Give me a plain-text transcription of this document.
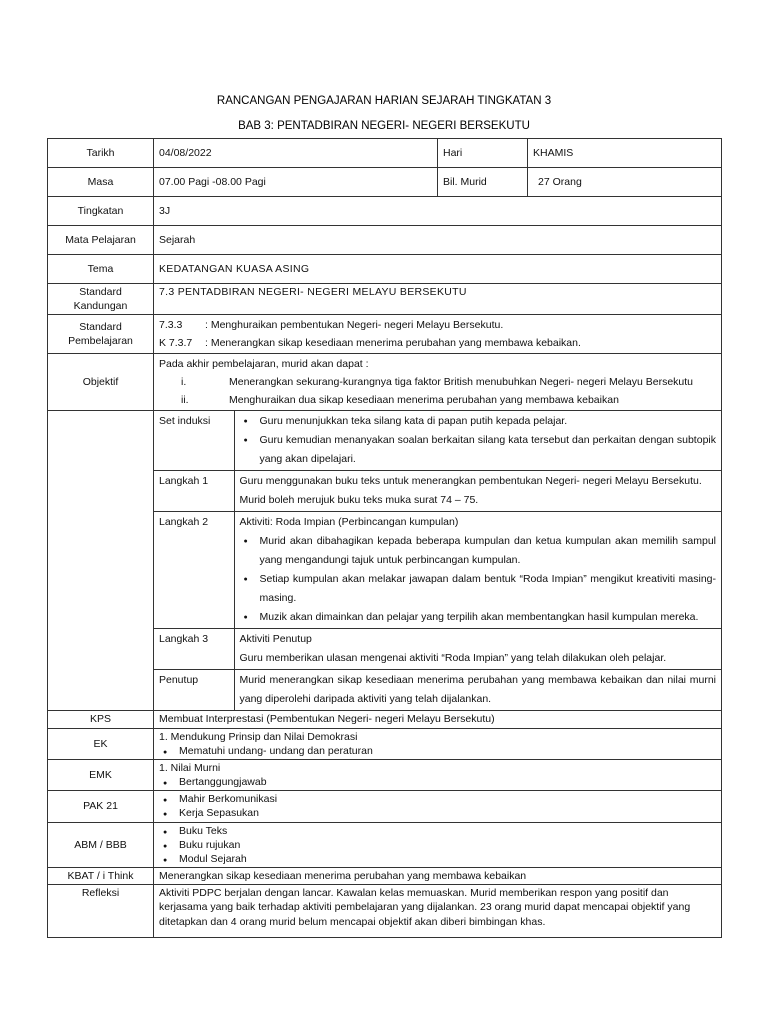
RANCANGAN PENGAJARAN HARIAN SEJARAH TINGKATAN 3
BAB 3: PENTADBIRAN NEGERI- NEGERI BERSEKUTU
Tarikh	04/08/2022	Hari	KHAMIS
Masa	07.00 Pagi -08.00 Pagi	Bil. Murid	27 Orang
Tingkatan	3J
Mata Pelajaran	Sejarah
Tema	KEDATANGAN KUASA ASING
Standard Kandungan	7.3 PENTADBIRAN NEGERI- NEGERI MELAYU BERSEKUTU
Standard Pembelajaran	
7.3.3 : Menghuraikan pembentukan Negeri- negeri Melayu Bersekutu.
K 7.3.7 : Menerangkan sikap kesediaan menerima perubahan yang membawa kebaikan.

Objektif	
Pada akhir pembelajaran, murid akan dapat :
i.	Menerangkan sekurang-kurangnya tiga faktor British menubuhkan Negeri- negeri Melayu Bersekutu
ii.	Menghuraikan dua sikap kesediaan menerima perubahan yang membawa kebaikan

Set induksi	
●Guru menunjukkan teka silang kata di papan putih kepada pelajar.
● Guru kemudian menanyakan soalan berkaitan silang kata tersebut dan perkaitan dengan subtopik yang akan dipelajari.

Langkah 1	Guru menggunakan buku teks untuk menerangkan pembentukan Negeri- negeri Melayu Bersekutu.
Murid boleh merujuk buku teks muka surat 74 – 75.

Langkah 2	Aktiviti: Roda Impian (Perbincangan kumpulan)
● Murid akan dibahagikan kepada beberapa kumpulan dan ketua kumpulan akan memilih sampul yang mengandungi tajuk untuk perbincangan kumpulan.
● Setiap kumpulan akan melakar jawapan dalam bentuk “Roda Impian” mengikut kreativiti masing- masing.
● Muzik akan dimainkan dan pelajar yang terpilih akan membentangkan hasil kumpulan mereka.

Langkah 3	Aktiviti Penutup
Guru memberikan ulasan mengenai aktiviti “Roda Impian” yang telah dilakukan oleh pelajar.

Penutup	Murid menerangkan sikap kesediaan menerima perubahan yang membawa kebaikan dan nilai murni yang diperolehi daripada aktiviti yang telah dijalankan.

KPS	Membuat Interprestasi (Pembentukan Negeri- negeri Melayu Bersekutu)
EK	
1. Mendukung Prinsip dan Nilai Demokrasi
● Mematuhi undang- undang dan peraturan

EMK	
1. Nilai Murni
● Bertanggungjawab

PAK 21	
● Mahir Berkomunikasi
● Kerja Sepasukan

ABM / BBB	
● Buku Teks
● Buku rujukan
● Modul Sejarah

KBAT / i Think	Menerangkan sikap kesediaan menerima perubahan yang membawa kebaikan
Refleksi	Aktiviti PDPC berjalan dengan lancar. Kawalan kelas memuaskan. Murid memberikan respon yang positif dan kerjasama yang baik terhadap aktiviti pembelajaran yang dijalankan. 23 orang murid dapat mencapai objektif yang ditetapkan dan 4 orang murid belum mencapai objektif akan diberi bimbingan khas.
